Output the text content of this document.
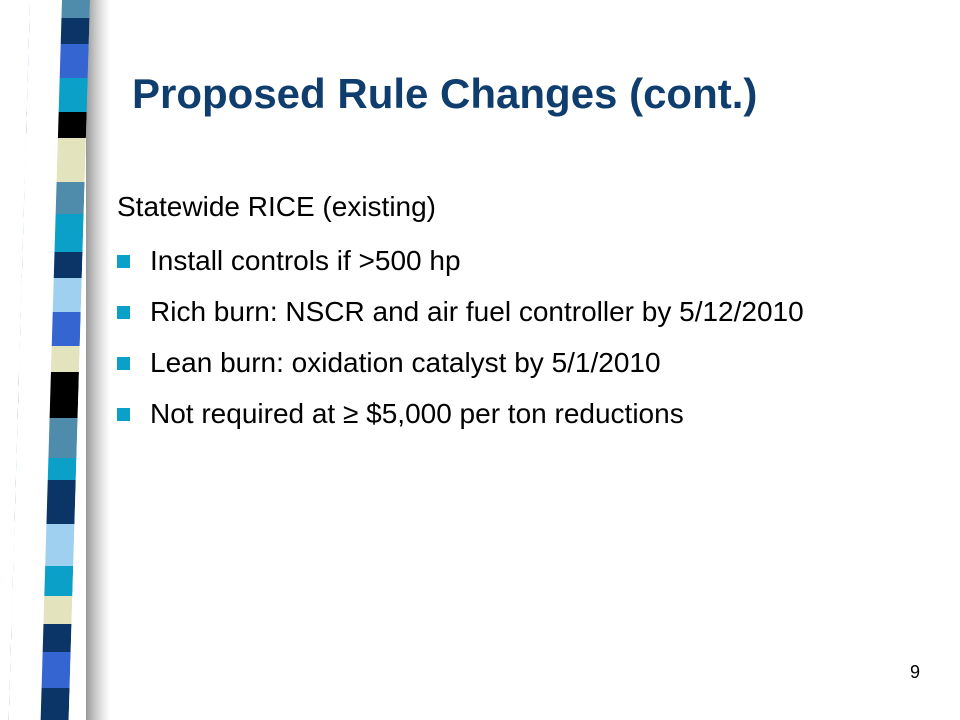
Proposed Rule Changes (cont.)
Statewide RICE (existing)
Install controls if >500 hp
Rich burn: NSCR and air fuel controller by 5/12/2010
Lean burn: oxidation catalyst by 5/1/2010
Not required at ≥ $5,000 per ton reductions
9
